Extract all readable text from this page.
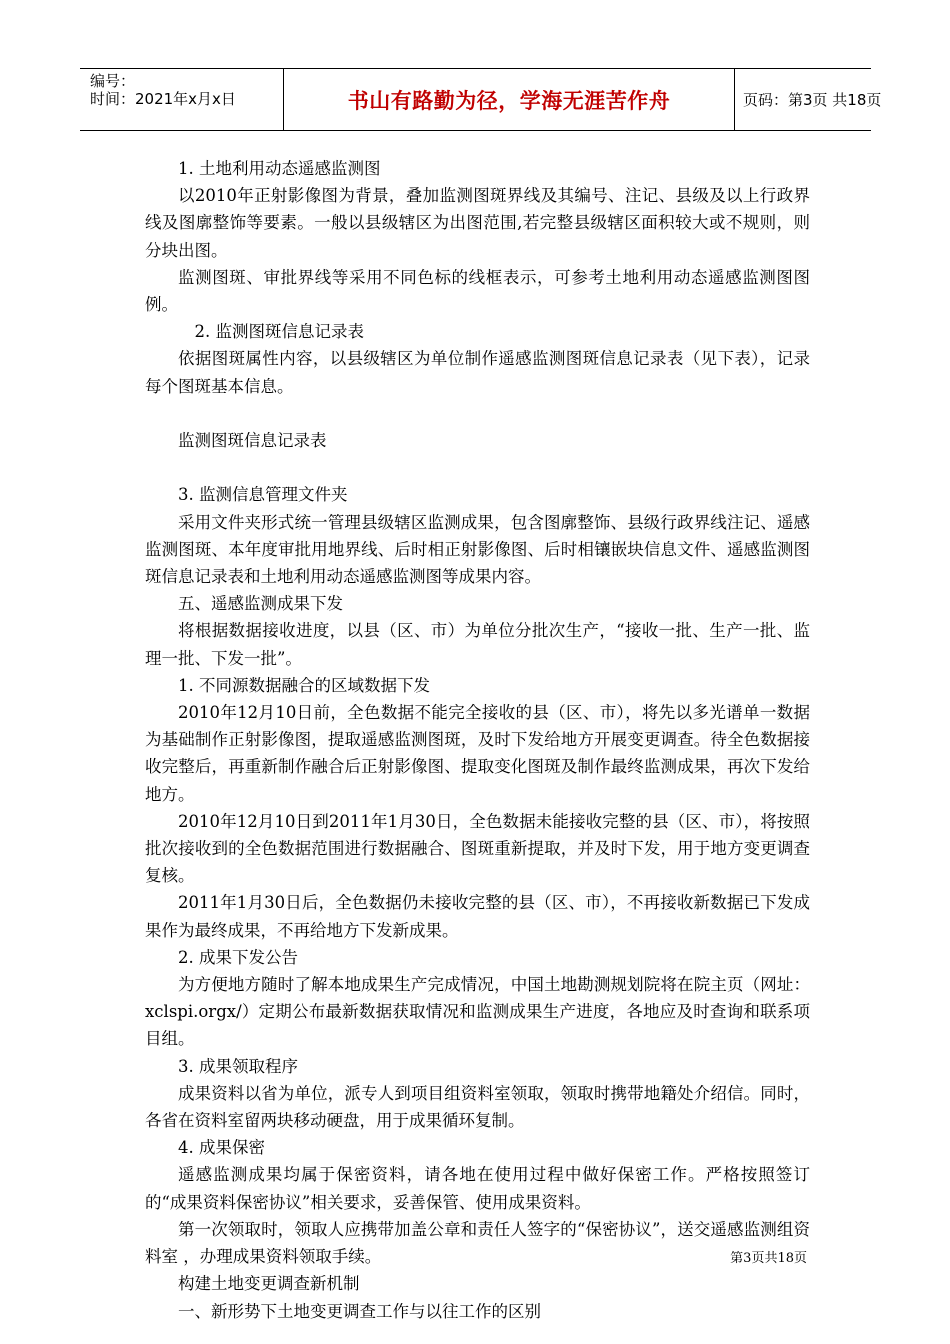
编号：
时间：2021年x月x日	书山有路勤为径，学海无涯苦作舟	页码：第3页 共18页

1. 土地利用动态遥感监测图

以2010年正射影像图为背景，叠加监测图斑界线及其编号、注记、县级及以上行政界线及图廓整饰等要素。一般以县级辖区为出图范围,若完整县级辖区面积较大或不规则，则分块出图。

监测图斑、审批界线等采用不同色标的线框表示，可参考土地利用动态遥感监测图图例。

　2. 监测图斑信息记录表

依据图斑属性内容，以县级辖区为单位制作遥感监测图斑信息记录表（见下表），记录每个图斑基本信息。

监测图斑信息记录表

3. 监测信息管理文件夹

采用文件夹形式统一管理县级辖区监测成果，包含图廓整饰、县级行政界线注记、遥感监测图斑、本年度审批用地界线、后时相正射影像图、后时相镶嵌块信息文件、遥感监测图斑信息记录表和土地利用动态遥感监测图等成果内容。

五、遥感监测成果下发

将根据数据接收进度，以县（区、市）为单位分批次生产，“接收一批、生产一批、监理一批、下发一批”。

1. 不同源数据融合的区域数据下发

2010年12月10日前，全色数据不能完全接收的县（区、市），将先以多光谱单一数据为基础制作正射影像图，提取遥感监测图斑，及时下发给地方开展变更调查。待全色数据接收完整后，再重新制作融合后正射影像图、提取变化图斑及制作最终监测成果，再次下发给地方。

2010年12月10日到2011年1月30日，全色数据未能接收完整的县（区、市），将按照批次接收到的全色数据范围进行数据融合、图斑重新提取，并及时下发，用于地方变更调查复核。

2011年1月30日后，全色数据仍未接收完整的县（区、市），不再接收新数据已下发成果作为最终成果，不再给地方下发新成果。

2. 成果下发公告

为方便地方随时了解本地成果生产完成情况，中国土地勘测规划院将在院主页（网址：xclspi.orgx/）定期公布最新数据获取情况和监测成果生产进度，各地应及时查询和联系项目组。

3. 成果领取程序

成果资料以省为单位，派专人到项目组资料室领取，领取时携带地籍处介绍信。同时，各省在资料室留两块移动硬盘，用于成果循环复制。

4. 成果保密

遥感监测成果均属于保密资料，请各地在使用过程中做好保密工作。严格按照签订的“成果资料保密协议”相关要求，妥善保管、使用成果资料。

第一次领取时，领取人应携带加盖公章和责任人签字的“保密协议”，送交遥感监测组资料室 ，办理成果资料领取手续。

构建土地变更调查新机制

一、新形势下土地变更调查工作与以往工作的区别

第3页共18页
